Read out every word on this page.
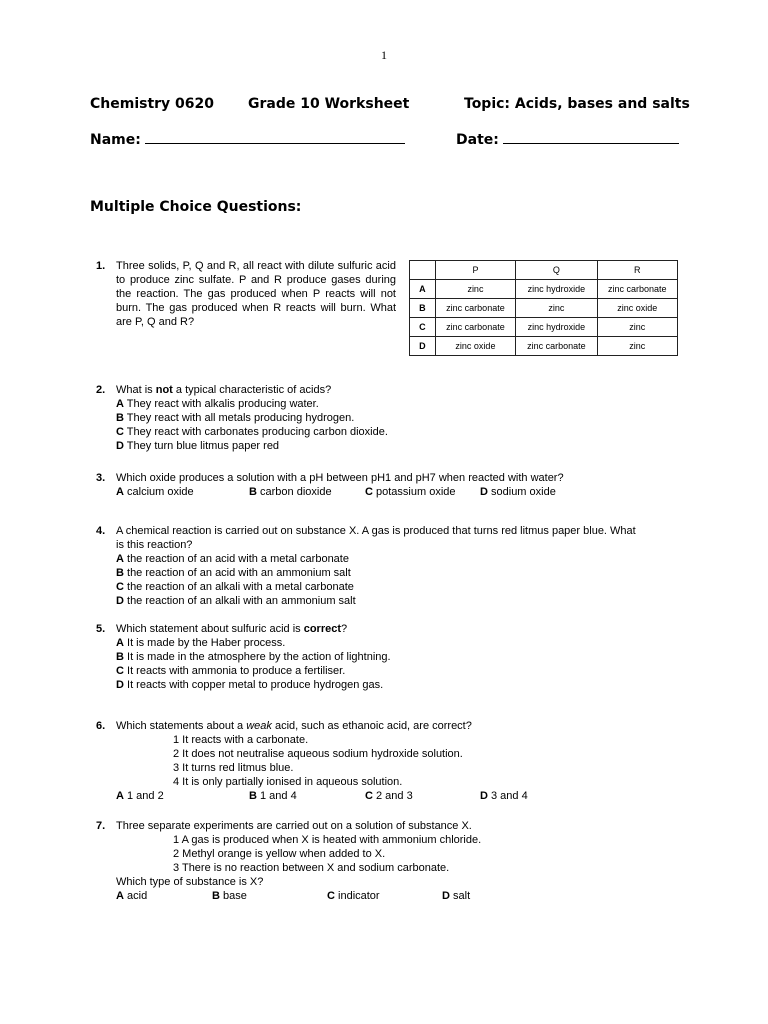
1
Chemistry 0620 Grade 10 Worksheet	Topic: Acids, bases and salts
Name:	Date:
Multiple Choice Questions:
1. Three solids, P, Q and R, all react with dilute sulfuric acid to produce zinc sulfate. P and R produce gases during the reaction. The gas produced when P reacts will not burn. The gas produced when R reacts will burn. What are P, Q and R?
	P	Q	R
A	zinc	zinc hydroxide	zinc carbonate
B	zinc carbonate	zinc	zinc oxide
C	zinc carbonate	zinc hydroxide	zinc
D	zinc oxide	zinc carbonate	zinc
2. What is not a typical characteristic of acids?
A They react with alkalis producing water.
B They react with all metals producing hydrogen.
C They react with carbonates producing carbon dioxide.
D They turn blue litmus paper red
3. Which oxide produces a solution with a pH between pH1 and pH7 when reacted with water?
A calcium oxide	B carbon dioxide	C potassium oxide D sodium oxide
4. A chemical reaction is carried out on substance X. A gas is produced that turns red litmus paper blue. What
is this reaction?
A the reaction of an acid with a metal carbonate
B the reaction of an acid with an ammonium salt
C the reaction of an alkali with a metal carbonate
D the reaction of an alkali with an ammonium salt
5. Which statement about sulfuric acid is correct?
A It is made by the Haber process.
B It is made in the atmosphere by the action of lightning.
C It reacts with ammonia to produce a fertiliser.
D It reacts with copper metal to produce hydrogen gas.
6. Which statements about a weak acid, such as ethanoic acid, are correct?
1 It reacts with a carbonate.
2 It does not neutralise aqueous sodium hydroxide solution.
3 It turns red litmus blue.
4 It is only partially ionised in aqueous solution.
A 1 and 2	B 1 and 4	C 2 and 3	D 3 and 4
7. Three separate experiments are carried out on a solution of substance X.
1 A gas is produced when X is heated with ammonium chloride.
2 Methyl orange is yellow when added to X.
3 There is no reaction between X and sodium carbonate.
Which type of substance is X?
A acid	B base	C indicator	D salt
